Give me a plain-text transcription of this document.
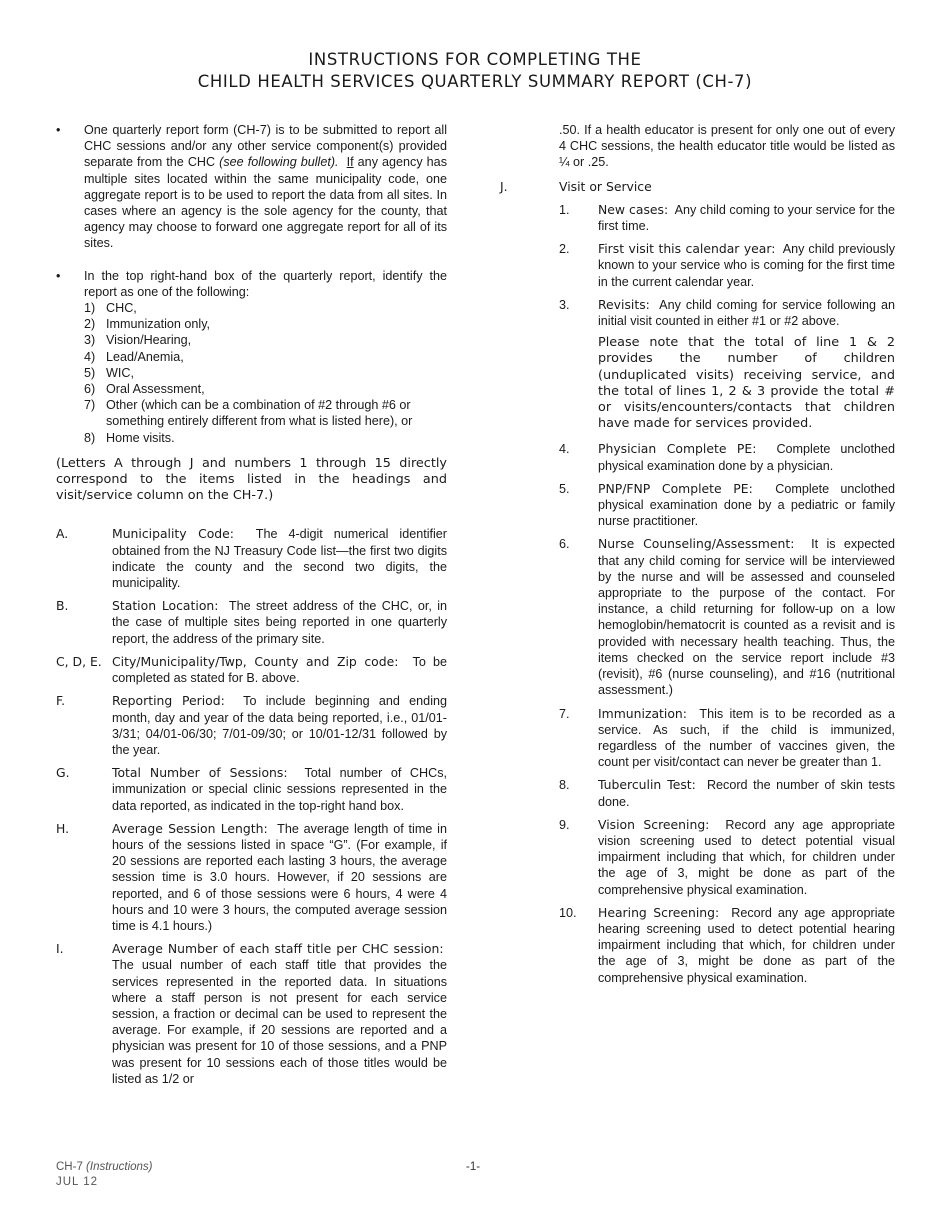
INSTRUCTIONS FOR COMPLETING THE
CHILD HEALTH SERVICES QUARTERLY SUMMARY REPORT (CH-7)
• One quarterly report form (CH-7) is to be submitted to report all CHC sessions and/or any other service component(s) provided separate from the CHC (see following bullet). If any agency has multiple sites located within the same municipality code, one aggregate report is to be used to report the data from all sites. In cases where an agency is the sole agency for the county, that agency may choose to forward one aggregate report for all of its sites.
• In the top right-hand box of the quarterly report, identify the report as one of the following:
1) CHC,
2) Immunization only,
3) Vision/Hearing,
4) Lead/Anemia,
5) WIC,
6) Oral Assessment,
7) Other (which can be a combination of #2 through #6 or something entirely different from what is listed here), or
8) Home visits.
(Letters A through J and numbers 1 through 15 directly correspond to the items listed in the headings and visit/service column on the CH-7.)
A.	Municipality Code: The 4-digit numerical identifier obtained from the NJ Treasury Code list—the first two digits indicate the county and the second two digits, the municipality.
B.	Station Location: The street address of the CHC, or, in the case of multiple sites being reported in one quarterly report, the address of the primary site.
C, D, E. City/Municipality/Twp, County and Zip code: To be completed as stated for B. above.
F.	Reporting Period: To include beginning and ending month, day and year of the data being reported, i.e., 01/01-3/31; 04/01-06/30; 7/01-09/30; or 10/01-12/31 followed by the year.
G.	Total Number of Sessions: Total number of CHCs, immunization or special clinic sessions represented in the data reported, as indicated in the top-right hand box.
H.	Average Session Length: The average length of time in hours of the sessions listed in space “G”. (For example, if 20 sessions are reported each lasting 3 hours, the average session time is 3.0 hours. However, if 20 sessions are reported, and 6 of those sessions were 6 hours, 4 were 4 hours and 10 were 3 hours, the computed average session time is 4.1 hours.)
I.	Average Number of each staff title per CHC session:  The usual number of each staff title that provides the services represented in the reported data. In situations where a staff person is not present for each service session, a fraction or decimal can be used to represent the average. For example, if 20 sessions are reported and a physician was present for 10 of those sessions, and a PNP was present for 10 sessions each of those titles would be listed as 1/2 or
.50. If a health educator is present for only one out of every 4 CHC sessions, the health educator title would be listed as ¼ or .25.
J.	Visit or Service
1. New cases: Any child coming to your service for the first time.
2. First visit this calendar year: Any child previously known to your service who is coming for the first time in the current calendar year.
3. Revisits: Any child coming for service following an initial visit counted in either #1 or #2 above.
Please note that the total of line 1 & 2 provides the number of children (unduplicated visits) receiving service, and the total of lines 1, 2 & 3 provide the total # or visits/encounters/contacts that children have made for services provided.
4. Physician Complete PE: Complete unclothed physical examination done by a physician.
5. PNP/FNP Complete PE: Complete unclothed physical examination done by a pediatric or family nurse practitioner.
6. Nurse Counseling/Assessment: It is expected that any child coming for service will be interviewed by the nurse and will be assessed and counseled appropriate to the purpose of the contact. For instance, a child returning for follow-up on a low hemoglobin/hematocrit is counted as a revisit and is provided with necessary health teaching. Thus, the items checked on the service report include #3 (revisit), #6 (nurse counseling), and #16 (nutritional assessment.)
7. Immunization: This item is to be recorded as a service. As such, if the child is immunized, regardless of the number of vaccines given, the count per visit/contact can never be greater than 1.
8. Tuberculin Test: Record the number of skin tests done.
9. Vision Screening: Record any age appropriate vision screening used to detect potential visual impairment including that which, for children under the age of 3, might be done as part of the comprehensive physical examination.
10. Hearing Screening: Record any age appropriate hearing screening used to detect potential hearing impairment including that which, for children under the age of 3, might be done as part of the comprehensive physical examination.
CH-7 (Instructions)
JUL 12
-1-
